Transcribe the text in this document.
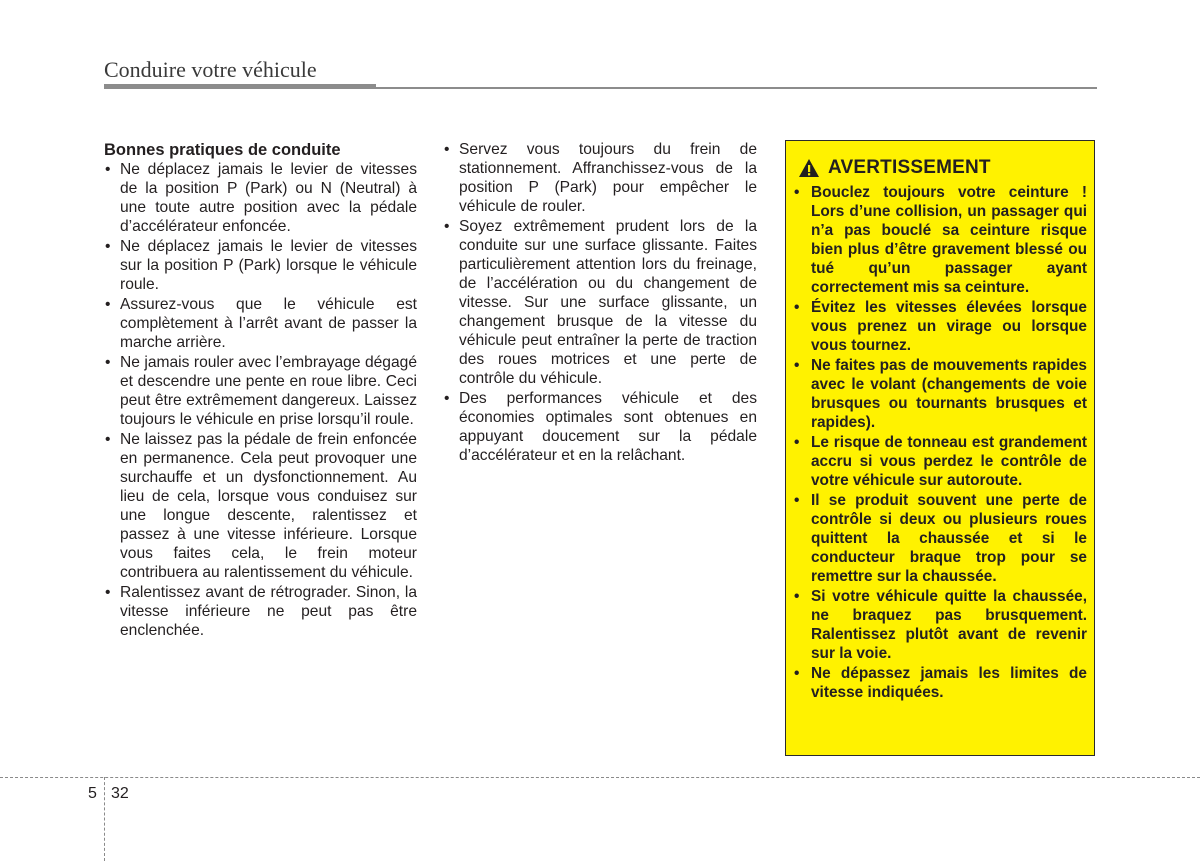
Conduire votre véhicule
Bonnes pratiques de conduite
• Ne déplacez jamais le levier de vitesses de la position P (Park) ou N (Neutral) à une toute autre position avec la pédale d’accélérateur enfoncée.
• Ne déplacez jamais le levier de vitesses sur la position P (Park) lorsque le véhicule roule.
• Assurez-vous que le véhicule est complètement à l’arrêt avant de passer la marche arrière.
• Ne jamais rouler avec l’embrayage dégagé et descendre une pente en roue libre. Ceci peut être extrêmement dangereux. Laissez toujours le véhicule en prise lorsqu’il roule.
• Ne laissez pas la pédale de frein enfoncée en permanence. Cela peut provoquer une surchauffe et un dysfonctionnement. Au lieu de cela, lorsque vous conduisez sur une longue descente, ralentissez et passez à une vitesse inférieure. Lorsque vous faites cela, le frein moteur contribuera au ralentissement du véhicule.
• Ralentissez avant de rétrograder. Sinon, la vitesse inférieure ne peut pas être enclenchée.
• Servez vous toujours du frein de stationnement. Affranchissez-vous de la position P (Park) pour empêcher le véhicule de rouler.
• Soyez extrêmement prudent lors de la conduite sur une surface glissante. Faites particulièrement attention lors du freinage, de l’accélération ou du changement de vitesse. Sur une surface glissante, un changement brusque de la vitesse du véhicule peut entraîner la perte de traction des roues motrices et une perte de contrôle du véhicule.
• Des performances véhicule et des économies optimales sont obtenues en appuyant doucement sur la pédale d’accélérateur et en la relâchant.
AVERTISSEMENT
• Bouclez toujours votre ceinture ! Lors d’une collision, un passager qui n’a pas bouclé sa ceinture risque bien plus d’être gravement blessé ou tué qu’un passager ayant correctement mis sa ceinture.
• Évitez les vitesses élevées lorsque vous prenez un virage ou lorsque vous tournez.
• Ne faites pas de mouvements rapides avec le volant (changements de voie brusques ou tournants brusques et rapides).
• Le risque de tonneau est grandement accru si vous perdez le contrôle de votre véhicule sur autoroute.
• Il se produit souvent une perte de contrôle si deux ou plusieurs roues quittent la chaussée et si le conducteur braque trop pour se remettre sur la chaussée.
• Si votre véhicule quitte la chaussée, ne braquez pas brusquement. Ralentissez plutôt avant de revenir sur la voie.
• Ne dépassez jamais les limites de vitesse indiquées.
5 32
